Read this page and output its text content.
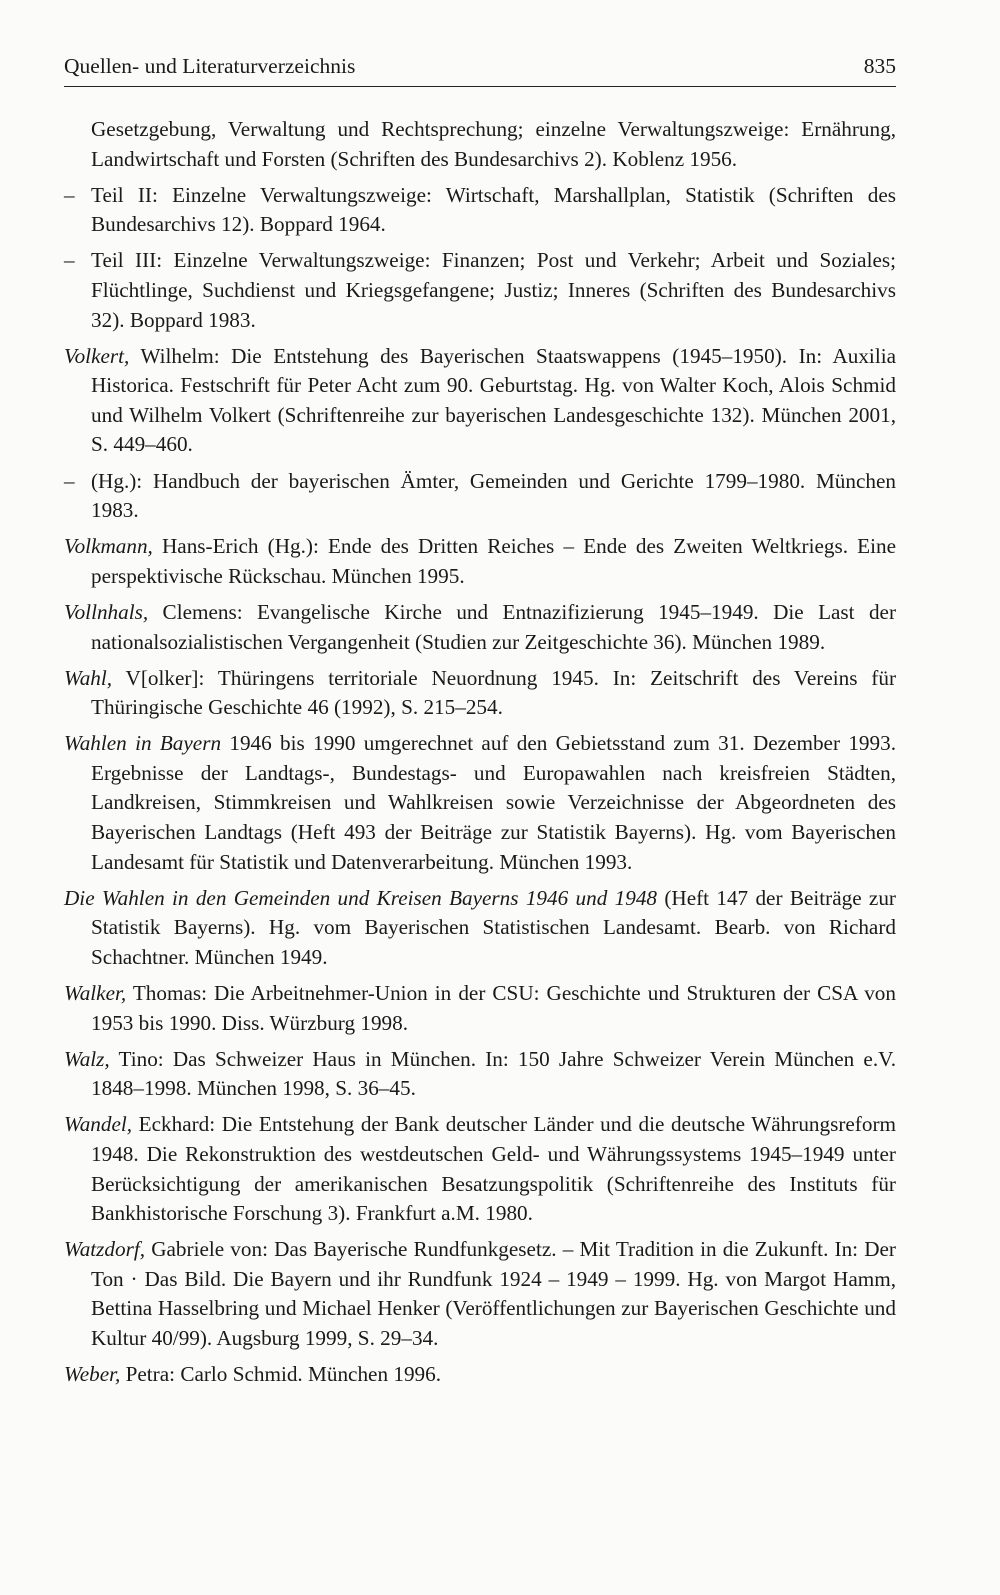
Quellen- und Literaturverzeichnis	835

Gesetzgebung, Verwaltung und Rechtsprechung; einzelne Verwaltungszweige: Ernährung, Landwirtschaft und Forsten (Schriften des Bundesarchivs 2). Koblenz 1956.

– Teil II: Einzelne Verwaltungszweige: Wirtschaft, Marshallplan, Statistik (Schriften des Bundesarchivs 12). Boppard 1964.

– Teil III: Einzelne Verwaltungszweige: Finanzen; Post und Verkehr; Arbeit und Soziales; Flüchtlinge, Suchdienst und Kriegsgefangene; Justiz; Inneres (Schriften des Bundesarchivs 32). Boppard 1983.

Volkert, Wilhelm: Die Entstehung des Bayerischen Staatswappens (1945–1950). In: Auxilia Historica. Festschrift für Peter Acht zum 90. Geburtstag. Hg. von Walter Koch, Alois Schmid und Wilhelm Volkert (Schriftenreihe zur bayerischen Landesgeschichte 132). München 2001, S. 449–460.

– (Hg.): Handbuch der bayerischen Ämter, Gemeinden und Gerichte 1799–1980. München 1983.

Volkmann, Hans-Erich (Hg.): Ende des Dritten Reiches – Ende des Zweiten Weltkriegs. Eine perspektivische Rückschau. München 1995.

Vollnhals, Clemens: Evangelische Kirche und Entnazifizierung 1945–1949. Die Last der nationalsozialistischen Vergangenheit (Studien zur Zeitgeschichte 36). München 1989.

Wahl, V[olker]: Thüringens territoriale Neuordnung 1945. In: Zeitschrift des Vereins für Thüringische Geschichte 46 (1992), S. 215–254.

Wahlen in Bayern 1946 bis 1990 umgerechnet auf den Gebietsstand zum 31. Dezember 1993. Ergebnisse der Landtags-, Bundestags- und Europawahlen nach kreisfreien Städten, Landkreisen, Stimmkreisen und Wahlkreisen sowie Verzeichnisse der Abgeordneten des Bayerischen Landtags (Heft 493 der Beiträge zur Statistik Bayerns). Hg. vom Bayerischen Landesamt für Statistik und Datenverarbeitung. München 1993.

Die Wahlen in den Gemeinden und Kreisen Bayerns 1946 und 1948 (Heft 147 der Beiträge zur Statistik Bayerns). Hg. vom Bayerischen Statistischen Landesamt. Bearb. von Richard Schachtner. München 1949.

Walker, Thomas: Die Arbeitnehmer-Union in der CSU: Geschichte und Strukturen der CSA von 1953 bis 1990. Diss. Würzburg 1998.

Walz, Tino: Das Schweizer Haus in München. In: 150 Jahre Schweizer Verein München e.V. 1848–1998. München 1998, S. 36–45.

Wandel, Eckhard: Die Entstehung der Bank deutscher Länder und die deutsche Währungsreform 1948. Die Rekonstruktion des westdeutschen Geld- und Währungssystems 1945–1949 unter Berücksichtigung der amerikanischen Besatzungspolitik (Schriftenreihe des Instituts für Bankhistorische Forschung 3). Frankfurt a.M. 1980.

Watzdorf, Gabriele von: Das Bayerische Rundfunkgesetz. – Mit Tradition in die Zukunft. In: Der Ton · Das Bild. Die Bayern und ihr Rundfunk 1924 – 1949 – 1999. Hg. von Margot Hamm, Bettina Hasselbring und Michael Henker (Veröffentlichungen zur Bayerischen Geschichte und Kultur 40/99). Augsburg 1999, S. 29–34.

Weber, Petra: Carlo Schmid. München 1996.
